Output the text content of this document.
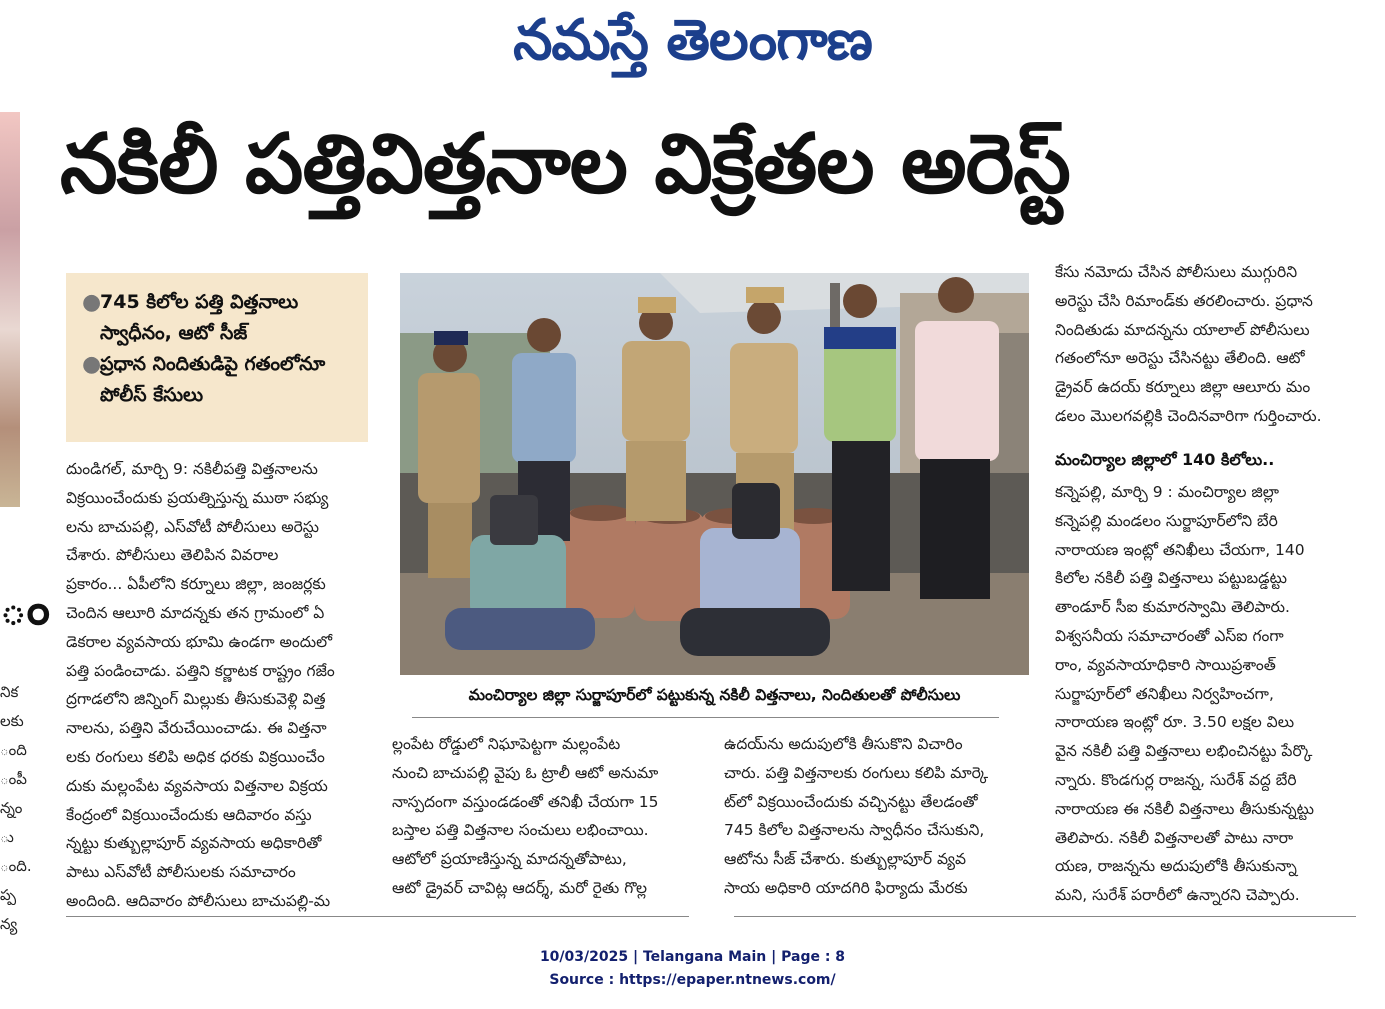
నమస్తే తెలంగాణ
ం
నిక
లకు
ంది
ంపీ
న్నం
ు
ంది.
ప్ప
న్య
నకిలీ పత్తివిత్తనాల విక్రేతల అరెస్ట్
●
745 కిలోల పత్తి విత్తనాలు స్వాధీనం, ఆటో సీజ్
●
ప్రధాన నిందితుడిపై గతంలోనూ పోలీస్ కేసులు
దుండిగల్, మార్చి 9: నకిలీపత్తి విత్తనాలను
విక్రయించేందుకు ప్రయత్నిస్తున్న ముఠా సభ్యు
లను బాచుపల్లి, ఎస్‌వోటీ పోలీసులు అరెస్టు
చేశారు. పోలీసులు తెలిపిన వివరాల
ప్రకారం... ఏపీలోని కర్నూలు జిల్లా, జంజర్లకు
చెందిన ఆలూరి మాదన్నకు తన గ్రామంలో ఏ
డెకరాల వ్యవసాయ భూమి ఉండగా అందులో
పత్తి పండించాడు. పత్తిని కర్ణాటక రాష్ట్రం గజేం
ద్రగాడలోని జిన్నింగ్ మిల్లుకు తీసుకువెళ్లి విత్త
నాలను, పత్తిని వేరుచేయించాడు. ఈ విత్తనా
లకు రంగులు కలిపి అధిక ధరకు విక్రయించేం
దుకు మల్లంపేట వ్యవసాయ విత్తనాల విక్రయ
కేంద్రంలో విక్రయించేందుకు ఆదివారం వస్తు
న్నట్టు కుత్బుల్లాపూర్ వ్యవసాయ అధికారితో
పాటు ఎస్‌వోటీ పోలీసులకు సమాచారం
అందింది. ఆదివారం పోలీసులు బాచుపల్లి-మ
మంచిర్యాల జిల్లా సుర్జాపూర్‌లో పట్టుకున్న నకిలీ విత్తనాలు, నిందితులతో పోలీసులు
ల్లంపేట రోడ్డులో నిఘాపెట్టగా మల్లంపేట
నుంచి బాచుపల్లి వైపు ఓ ట్రాలీ ఆటో అనుమా
నాస్పదంగా వస్తుండడంతో తనిఖీ చేయగా 15
బస్తాల పత్తి విత్తనాల సంచులు లభించాయి.
ఆటోలో ప్రయాణిస్తున్న మాదన్నతోపాటు,
ఆటో డ్రైవర్ చావిట్ల ఆదర్శ్, మరో రైతు గొల్ల
ఉదయ్‌ను అదుపులోకి తీసుకొని విచారిం
చారు. పత్తి విత్తనాలకు రంగులు కలిపి మార్కె
ట్‌లో విక్రయించేందుకు వచ్చినట్టు తేలడంతో
745 కిలోల విత్తనాలను స్వాధీనం చేసుకుని,
ఆటోను సీజ్ చేశారు. కుత్బుల్లాపూర్ వ్యవ
సాయ అధికారి యాదగిరి ఫిర్యాదు మేరకు
కేసు నమోదు చేసిన పోలీసులు ముగ్గురిని
అరెస్టు చేసి రిమాండ్‌కు తరలించారు. ప్రధాన
నిందితుడు మాదన్నను యాలాల్ పోలీసులు
గతంలోనూ అరెస్టు చేసినట్టు తేలింది. ఆటో
డ్రైవర్ ఉదయ్ కర్నూలు జిల్లా ఆలూరు మం
డలం మొలగవల్లికి చెందినవారిగా గుర్తించారు.
మంచిర్యాల జిల్లాలో 140 కిలోలు..
కన్నెపల్లి, మార్చి 9 : మంచిర్యాల జిల్లా
కన్నెపల్లి మండలం సుర్జాపూర్‌లోని బేరి
నారాయణ ఇంట్లో తనిఖీలు చేయగా, 140
కిలోల నకిలీ పత్తి విత్తనాలు పట్టుబడ్డట్టు
తాండూర్ సీఐ కుమారస్వామి తెలిపారు.
విశ్వసనీయ సమాచారంతో ఎస్‌ఐ గంగా
రాం, వ్యవసాయాధికారి సాయిప్రశాంత్
సుర్జాపూర్‌లో తనిఖీలు నిర్వహించగా,
నారాయణ ఇంట్లో రూ. 3.50 లక్షల విలు
వైన నకిలీ పత్తి విత్తనాలు లభించినట్టు పేర్కొ
న్నారు. కొండగుర్ల రాజన్న, సురేశ్ వద్ద బేరి
నారాయణ ఈ నకిలీ విత్తనాలు తీసుకున్నట్టు
తెలిపారు. నకిలీ విత్తనాలతో పాటు నారా
యణ, రాజన్నను అదుపులోకి తీసుకున్నా
మని, సురేశ్ పరారీలో ఉన్నారని చెప్పారు.
10/03/2025 | Telangana Main | Page : 8
Source : https://epaper.ntnews.com/
